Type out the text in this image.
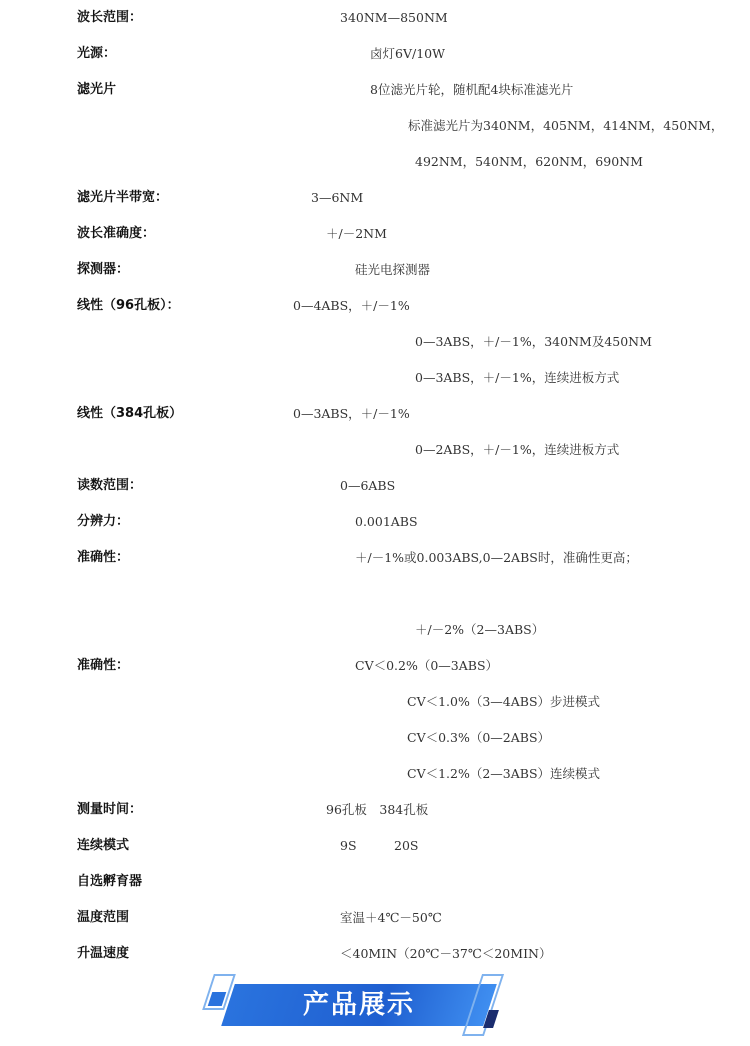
波长范围：	340NM—850NM
光源：	卤灯6V/10W
滤光片	8位滤光片轮，随机配4块标准滤光片
标准滤光片为340NM，405NM，414NM，450NM，
492NM，540NM，620NM，690NM
滤光片半带宽：	3—6NM
波长准确度：	＋/－2NM
探测器：	硅光电探测器
线性（96孔板）：	0—4ABS，＋/－1%
0—3ABS，＋/－1%，340NM及450NM
0—3ABS，＋/－1%，连续进板方式
线性（384孔板）	0—3ABS，＋/－1%
0—2ABS，＋/－1%，连续进板方式
读数范围：	0—6ABS
分辨力：	0.001ABS
准确性：	＋/－1%或0.003ABS,0—2ABS时，准确性更高；
＋/－2%（2—3ABS）
准确性：	CV＜0.2%（0—3ABS）
CV＜1.0%（3—4ABS）步进模式
CV＜0.3%（0—2ABS）
CV＜1.2%（2—3ABS）连续模式
测量时间：	96孔板　384孔板
连续模式	9S　　　20S
自选孵育器
温度范围	室温＋4℃－50℃
升温速度	＜40MIN（20℃－37℃＜20MIN）
产品展示
